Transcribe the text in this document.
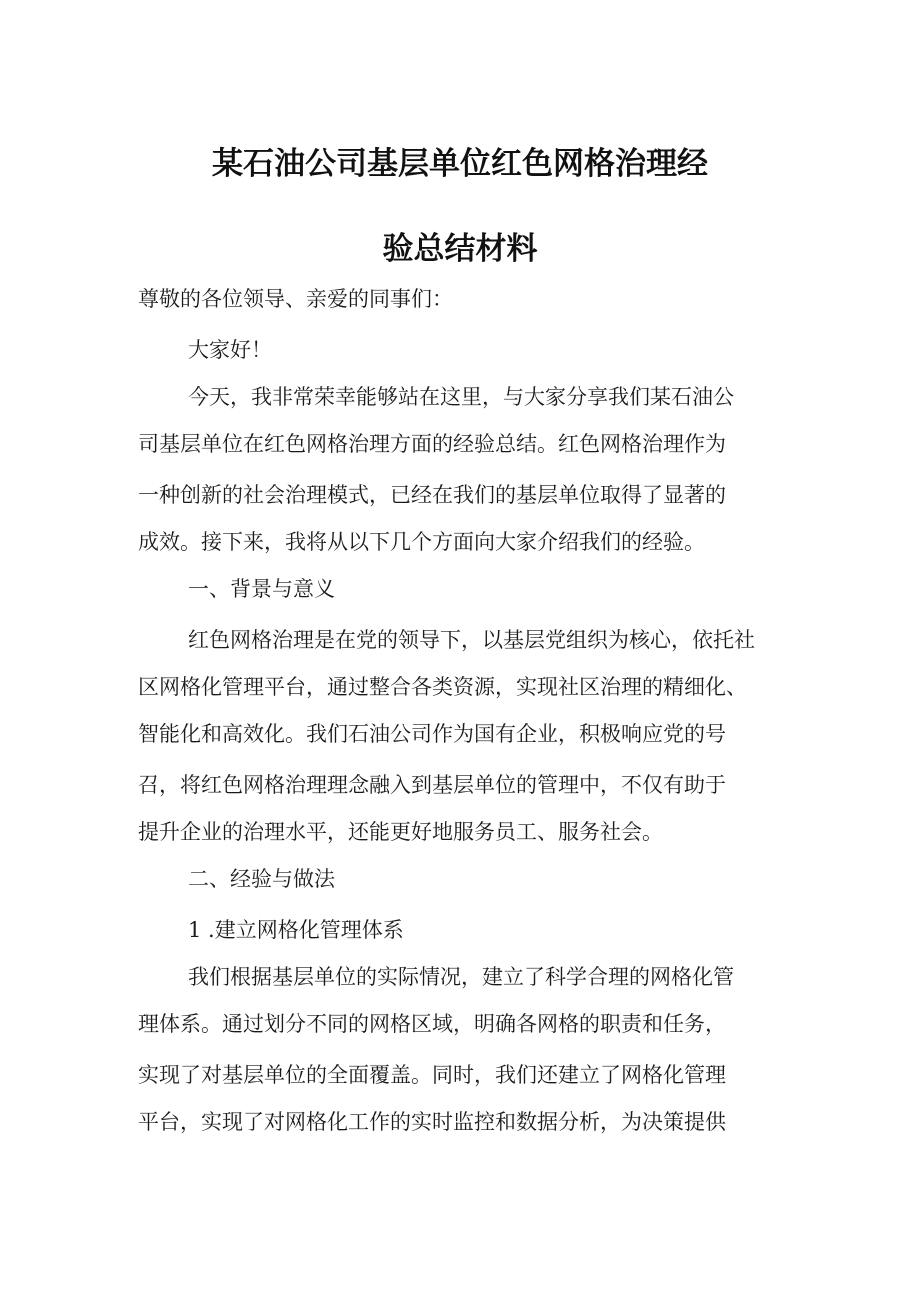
某石油公司基层单位红色网格治理经
验总结材料
尊敬的各位领导、亲爱的同事们：
大家好！
今天，我非常荣幸能够站在这里，与大家分享我们某石油公
司基层单位在红色网格治理方面的经验总结。红色网格治理作为
一种创新的社会治理模式，已经在我们的基层单位取得了显著的
成效。接下来，我将从以下几个方面向大家介绍我们的经验。
一、背景与意义
红色网格治理是在党的领导下，以基层党组织为核心，依托社
区网格化管理平台，通过整合各类资源，实现社区治理的精细化、
智能化和高效化。我们石油公司作为国有企业，积极响应党的号
召，将红色网格治理理念融入到基层单位的管理中，不仅有助于
提升企业的治理水平，还能更好地服务员工、服务社会。
二、经验与做法
1 .建立网格化管理体系
我们根据基层单位的实际情况，建立了科学合理的网格化管
理体系。通过划分不同的网格区域，明确各网格的职责和任务，
实现了对基层单位的全面覆盖。同时，我们还建立了网格化管理
平台，实现了对网格化工作的实时监控和数据分析，为决策提供
